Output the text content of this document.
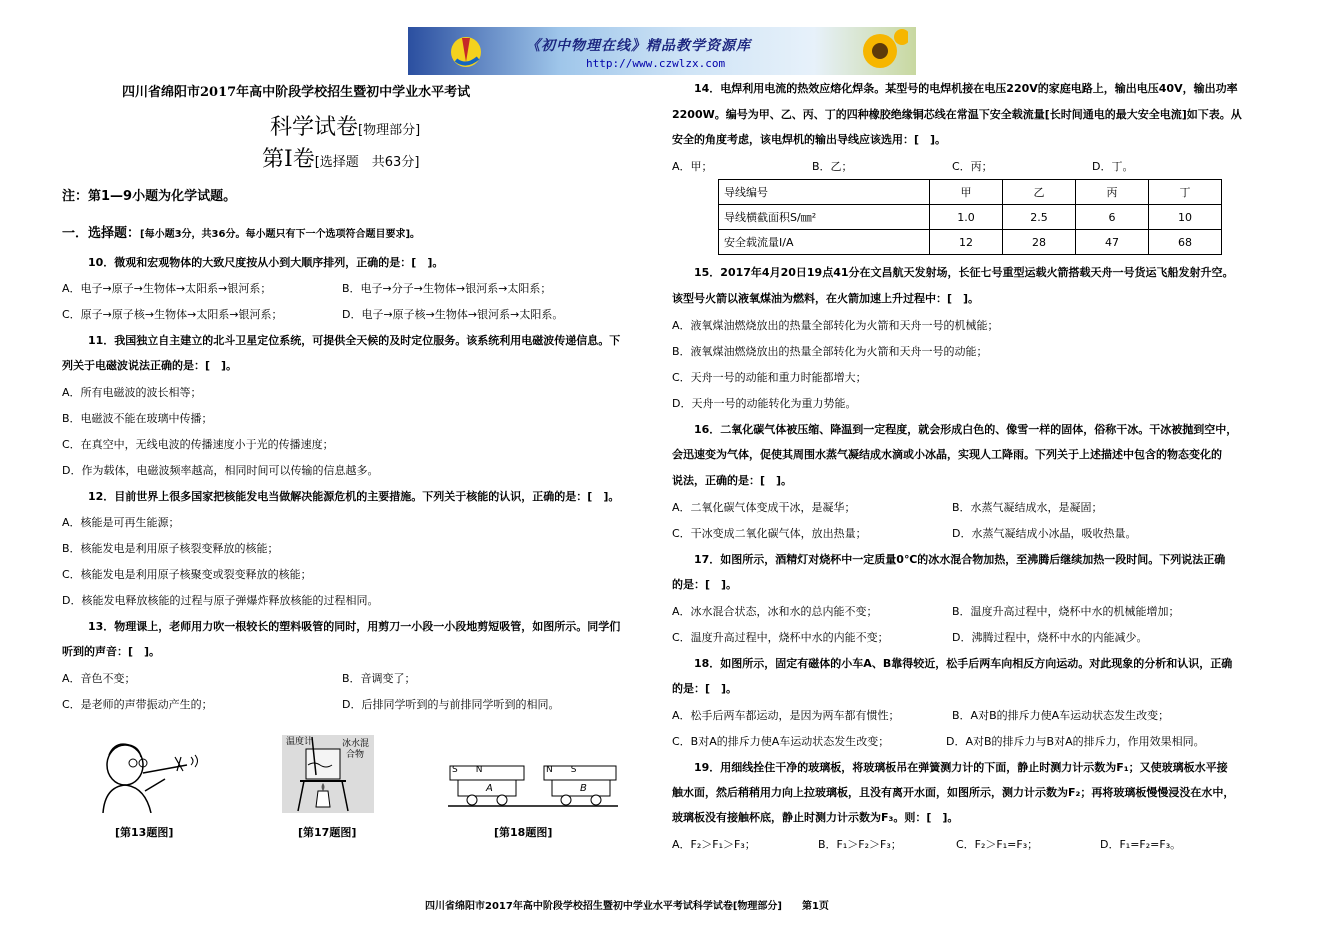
《初中物理在线》精品教学资源库
http://www.czwlzx.com
四川省绵阳市2017年高中阶段学校招生暨初中学业水平考试
科学试卷[物理部分]
第Ⅰ卷[选择题　共63分]
注：第1—9小题为化学试题。
一．选择题：[每小题3分，共36分。每小题只有下一个选项符合题目要求]。
10．微观和宏观物体的大致尺度按从小到大顺序排列，正确的是：[　]。
A．电子→原子→生物体→太阳系→银河系；	B．电子→分子→生物体→银河系→太阳系；
C．原子→原子核→生物体→太阳系→银河系；	D．电子→原子核→生物体→银河系→太阳系。
11．我国独立自主建立的北斗卫星定位系统，可提供全天候的及时定位服务。该系统利用电磁波传递信息。下
列关于电磁波说法正确的是：[　]。
A．所有电磁波的波长相等；
B．电磁波不能在玻璃中传播；
C．在真空中，无线电波的传播速度小于光的传播速度；
D．作为载体，电磁波频率越高，相同时间可以传输的信息越多。
12．目前世界上很多国家把核能发电当做解决能源危机的主要措施。下列关于核能的认识，正确的是：[　]。
A．核能是可再生能源；
B．核能发电是利用原子核裂变释放的核能；
C．核能发电是利用原子核聚变或裂变释放的核能；
D．核能发电释放核能的过程与原子弹爆炸释放核能的过程相同。
13．物理课上，老师用力吹一根较长的塑料吸管的同时，用剪刀一小段一小段地剪短吸管，如图所示。同学们
听到的声音：[　]。
A．音色不变；	B．音调变了；
C．是老师的声带振动产生的；	D．后排同学听到的与前排同学听到的相同。
[第13题图]
温度计	冰水混
合物
[第17题图]
S　　N	N　　S
A	B
[第18题图]
14．电焊利用电流的热效应熔化焊条。某型号的电焊机接在电压220V的家庭电路上，输出电压40V，输出功率
2200W。编号为甲、乙、丙、丁的四种橡胶绝缘铜芯线在常温下安全载流量[长时间通电的最大安全电流]如下表。从
安全的角度考虑，该电焊机的输出导线应该选用：[　]。
A．甲；	B．乙；	C．丙；	D．丁。
导线编号	甲	乙	丙	丁
导线横截面积S/㎜²	1.0	2.5	6	10
安全载流量I/A	12	28	47	68
15．2017年4月20日19点41分在文昌航天发射场，长征七号重型运载火箭搭载天舟一号货运飞船发射升空。
该型号火箭以液氧煤油为燃料，在火箭加速上升过程中：[　]。
A．液氧煤油燃烧放出的热量全部转化为火箭和天舟一号的机械能；
B．液氧煤油燃烧放出的热量全部转化为火箭和天舟一号的动能；
C．天舟一号的动能和重力时能都增大；
D．天舟一号的动能转化为重力势能。
16．二氧化碳气体被压缩、降温到一定程度，就会形成白色的、像雪一样的固体，俗称干冰。干冰被抛到空中，
会迅速变为气体，促使其周围水蒸气凝结成水滴或小冰晶，实现人工降雨。下列关于上述描述中包含的物态变化的
说法，正确的是：[　]。
A．二氧化碳气体变成干冰，是凝华；	B．水蒸气凝结成水，是凝固；
C．干冰变成二氧化碳气体，放出热量；	D．水蒸气凝结成小冰晶，吸收热量。
17．如图所示，酒精灯对烧杯中一定质量0℃的冰水混合物加热，至沸腾后继续加热一段时间。下列说法正确
的是：[　]。
A．冰水混合状态，冰和水的总内能不变；	B．温度升高过程中，烧杯中水的机械能增加；
C．温度升高过程中，烧杯中水的内能不变；	D．沸腾过程中，烧杯中水的内能减少。
18．如图所示，固定有磁体的小车A、B靠得较近，松手后两车向相反方向运动。对此现象的分析和认识，正确
的是：[　]。
A．松手后两车都运动，是因为两车都有惯性；	B．A对B的排斥力使A车运动状态发生改变；
C．B对A的排斥力使A车运动状态发生改变；	D．A对B的排斥力与B对A的排斥力，作用效果相同。
19．用细线拴住干净的玻璃板，将玻璃板吊在弹簧测力计的下面，静止时测力计示数为F₁；又使玻璃板水平接
触水面，然后稍稍用力向上拉玻璃板，且没有离开水面，如图所示，测力计示数为F₂；再将玻璃板慢慢浸没在水中，
玻璃板没有接触杯底，静止时测力计示数为F₃。则：[　]。
A．F₂＞F₁＞F₃；	B．F₁＞F₂＞F₃；	C．F₂＞F₁=F₃；	D．F₁=F₂=F₃。
四川省绵阳市2017年高中阶段学校招生暨初中学业水平考试科学试卷[物理部分]　　第1页
